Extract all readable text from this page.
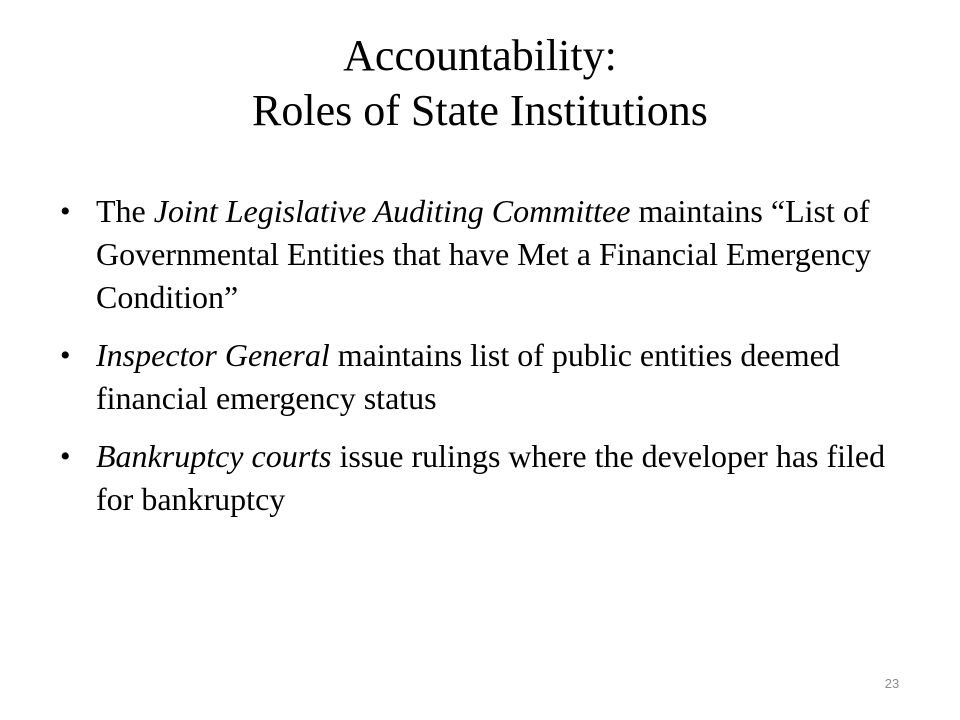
Accountability:
Roles of State Institutions
• The Joint Legislative Auditing Committee maintains “List of Governmental Entities that have Met a Financial Emergency Condition”
• Inspector General maintains list of public entities deemed financial emergency status
• Bankruptcy courts issue rulings where the developer has filed for bankruptcy
23
